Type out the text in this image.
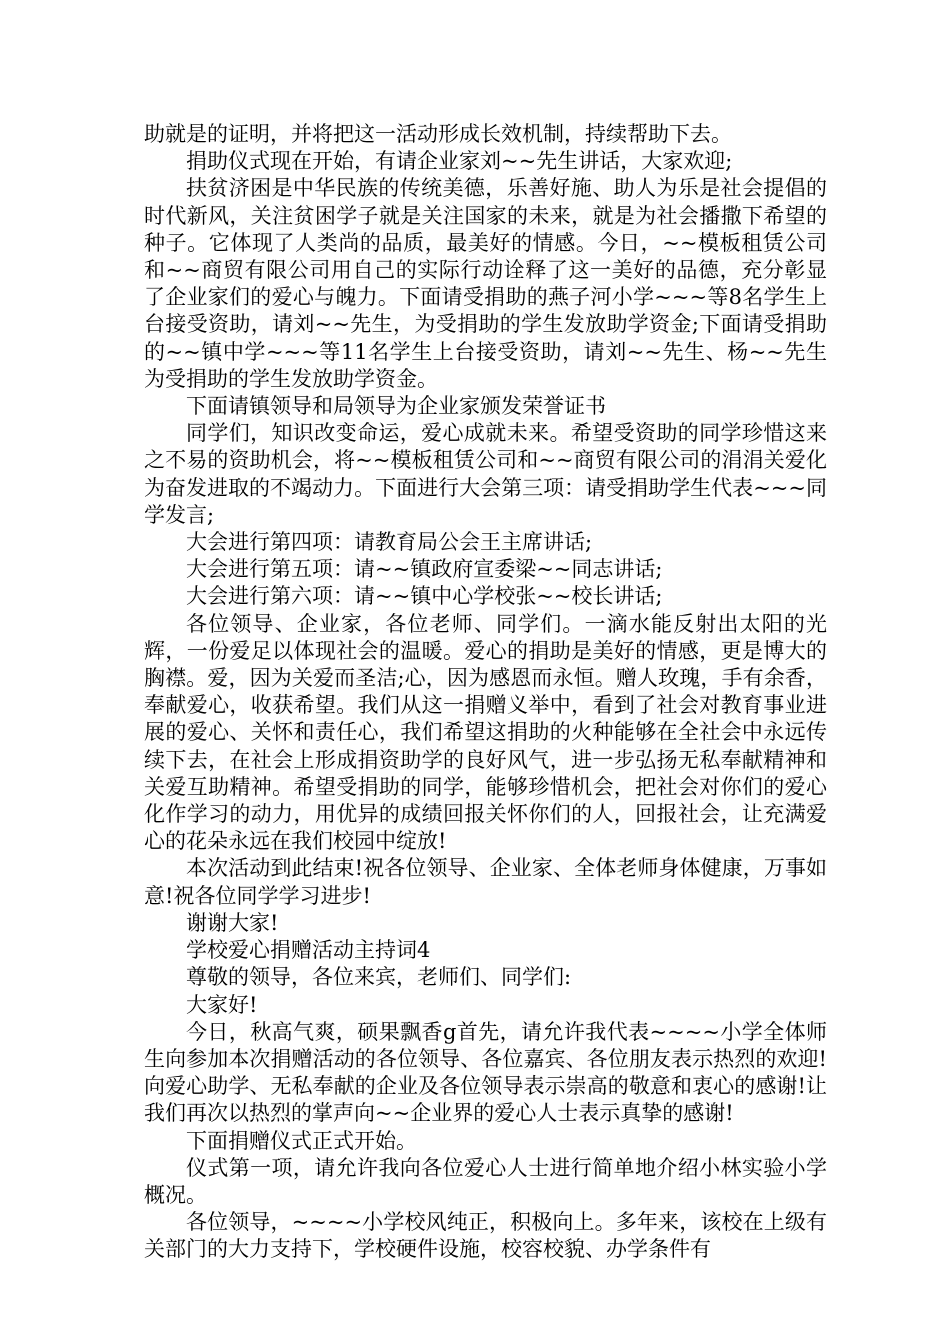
助就是的证明，并将把这一活动形成长效机制，持续帮助下去。

捐助仪式现在开始，有请企业家刘~~先生讲话，大家欢迎;

扶贫济困是中华民族的传统美德，乐善好施、助人为乐是社会提倡的时代新风，关注贫困学子就是关注国家的未来，就是为社会播撒下希望的种子。它体现了人类尚的品质，最美好的情感。今日，~~模板租赁公司和~~商贸有限公司用自己的实际行动诠释了这一美好的品德，充分彰显了企业家们的爱心与魄力。下面请受捐助的燕子河小学~~~等8名学生上台接受资助，请刘~~先生，为受捐助的学生发放助学资金;下面请受捐助的~~镇中学~~~等11名学生上台接受资助，请刘~~先生、杨~~先生为受捐助的学生发放助学资金。

下面请镇领导和局领导为企业家颁发荣誉证书

同学们，知识改变命运，爱心成就未来。希望受资助的同学珍惜这来之不易的资助机会，将~~模板租赁公司和~~商贸有限公司的涓涓关爱化为奋发进取的不竭动力。下面进行大会第三项：请受捐助学生代表~~~同学发言;

大会进行第四项：请教育局公会王主席讲话;

大会进行第五项：请~~镇政府宣委梁~~同志讲话;

大会进行第六项：请~~镇中心学校张~~校长讲话;

各位领导、企业家，各位老师、同学们。一滴水能反射出太阳的光辉，一份爱足以体现社会的温暖。爱心的捐助是美好的情感，更是博大的胸襟。爱，因为关爱而圣洁;心，因为感恩而永恒。赠人玫瑰，手有余香，奉献爱心，收获希望。我们从这一捐赠义举中，看到了社会对教育事业进展的爱心、关怀和责任心，我们希望这捐助的火种能够在全社会中永远传续下去，在社会上形成捐资助学的良好风气，进一步弘扬无私奉献精神和关爱互助精神。希望受捐助的同学，能够珍惜机会，把社会对你们的爱心化作学习的动力，用优异的成绩回报关怀你们的人，回报社会，让充满爱心的花朵永远在我们校园中绽放!

本次活动到此结束!祝各位领导、企业家、全体老师身体健康，万事如意!祝各位同学学习进步!

谢谢大家!

学校爱心捐赠活动主持词4

尊敬的领导，各位来宾，老师们、同学们:

大家好!

今日，秋高气爽，硕果飘香g首先，请允许我代表~~~~小学全体师生向参加本次捐赠活动的各位领导、各位嘉宾、各位朋友表示热烈的欢迎!向爱心助学、无私奉献的企业及各位领导表示崇高的敬意和衷心的感谢!让我们再次以热烈的掌声向~~企业界的爱心人士表示真挚的感谢!

下面捐赠仪式正式开始。

仪式第一项，请允许我向各位爱心人士进行简单地介绍小林实验小学概况。

各位领导，~~~~小学校风纯正，积极向上。多年来，该校在上级有关部门的大力支持下，学校硬件设施，校容校貌、办学条件有
